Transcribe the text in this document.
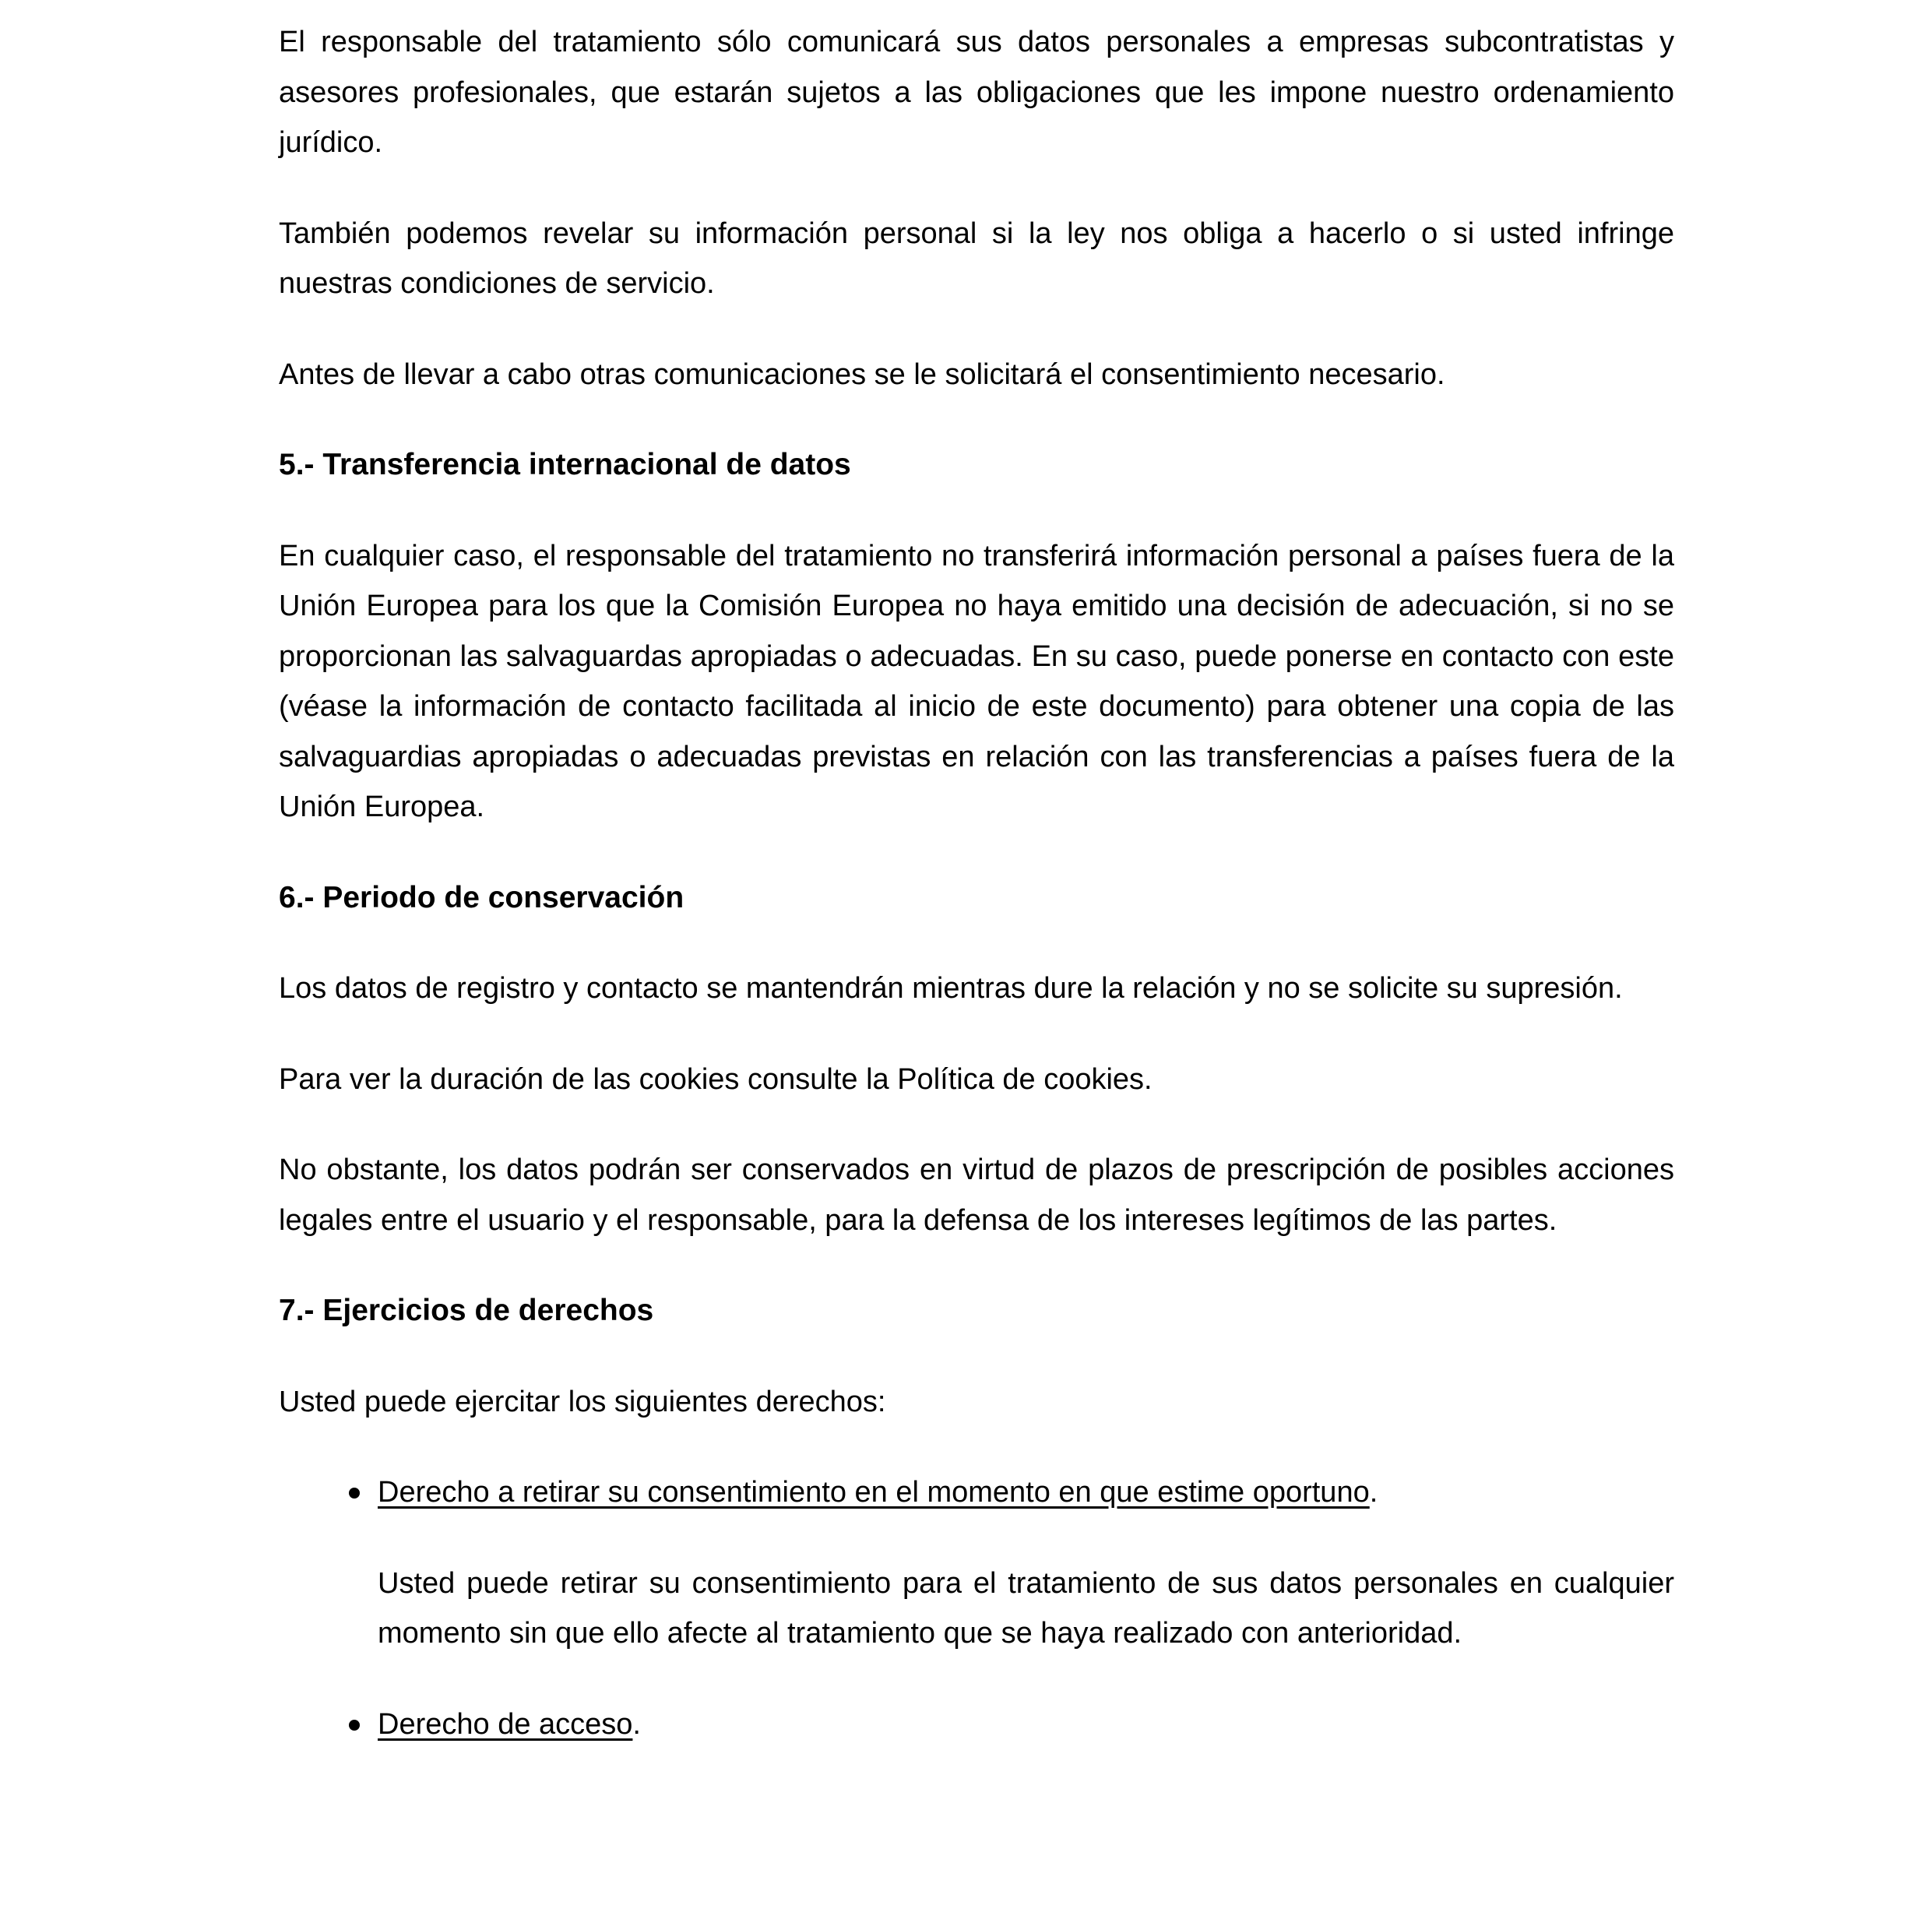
El responsable del tratamiento sólo comunicará sus datos personales a empresas subcontratistas y asesores profesionales, que estarán sujetos a las obligaciones que les impone nuestro ordenamiento jurídico.

También podemos revelar su información personal si la ley nos obliga a hacerlo o si usted infringe nuestras condiciones de servicio.

Antes de llevar a cabo otras comunicaciones se le solicitará el consentimiento necesario.

5.- Transferencia internacional de datos

En cualquier caso, el responsable del tratamiento no transferirá información personal a países fuera de la Unión Europea para los que la Comisión Europea no haya emitido una decisión de adecuación, si no se proporcionan las salvaguardas apropiadas o adecuadas. En su caso, puede ponerse en contacto con este (véase la información de contacto facilitada al inicio de este documento) para obtener una copia de las salvaguardias apropiadas o adecuadas previstas en relación con las transferencias a países fuera de la Unión Europea.

6.- Periodo de conservación

Los datos de registro y contacto se mantendrán mientras dure la relación y no se solicite su supresión.

Para ver la duración de las cookies consulte la Política de cookies.

No obstante, los datos podrán ser conservados en virtud de plazos de prescripción de posibles acciones legales entre el usuario y el responsable, para la defensa de los intereses legítimos de las partes.

7.- Ejercicios de derechos

Usted puede ejercitar los siguientes derechos:

Derecho a retirar su consentimiento en el momento en que estime oportuno.

Usted puede retirar su consentimiento para el tratamiento de sus datos personales en cualquier momento sin que ello afecte al tratamiento que se haya realizado con anterioridad.

Derecho de acceso.
